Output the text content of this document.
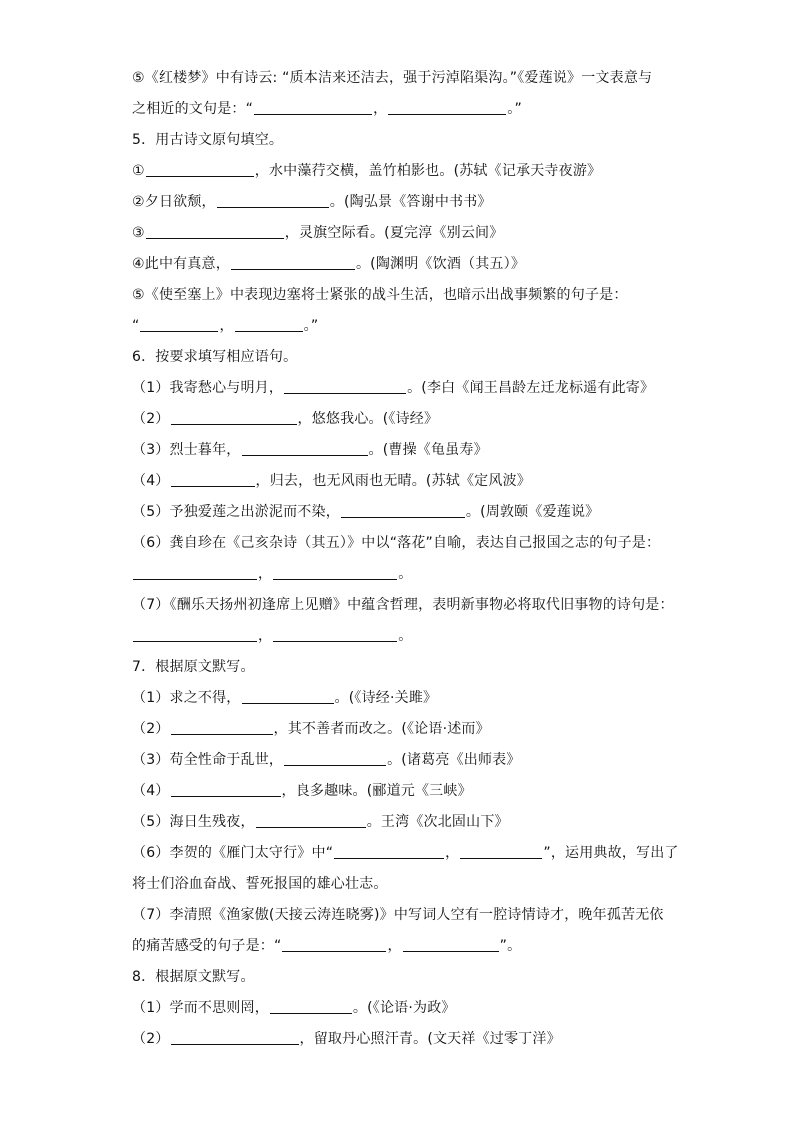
⑤《红楼梦》中有诗云: “质本洁来还洁去，强于污淖陷渠沟。”《爱莲说》一文表意与
之相近的文句是：“	，	。”
5．用古诗文原句填空。
①	，水中藻荇交横，盖竹柏影也。(苏轼《记承天寺夜游》
②夕日欲颓，	。(陶弘景《答谢中书书》
③	，灵旗空际看。(夏完淳《别云间》
④此中有真意，	。(陶渊明《饮酒（其五）》
⑤《使至塞上》中表现边塞将士紧张的战斗生活，也暗示出战事频繁的句子是：
“	，	。”
6．按要求填写相应语句。
（1）我寄愁心与明月，	。(李白《闻王昌龄左迁龙标遥有此寄》
（2）	，悠悠我心。(《诗经》
（3）烈士暮年，	。(曹操《龟虽寿》
（4）	，归去，也无风雨也无晴。(苏轼《定风波》
（5）予独爱莲之出淤泥而不染，	。(周敦颐《爱莲说》
（6）龚自珍在《己亥杂诗（其五）》中以“落花”自喻，表达自己报国之志的句子是：
，	。
（7）《酬乐天扬州初逢席上见赠》中蕴含哲理，表明新事物必将取代旧事物的诗句是：
，	。
7．根据原文默写。
（1）求之不得，	。(《诗经·关雎》
（2）	，其不善者而改之。(《论语·述而》
（3）苟全性命于乱世，	。(诸葛亮《出师表》
（4）	，良多趣味。(郦道元《三峡》
（5）海日生残夜，	。王湾《次北固山下》
（6）李贺的《雁门太守行》中“	，	”，运用典故，写出了
将士们浴血奋战、誓死报国的雄心壮志。
（7）李清照《渔家傲(天接云涛连晓雾)》中写词人空有一腔诗情诗才，晚年孤苦无依
的痛苦感受的句子是：“	，	”。
8．根据原文默写。
（1）学而不思则罔，	。(《论语·为政》
（2）	，留取丹心照汗青。(文天祥《过零丁洋》
